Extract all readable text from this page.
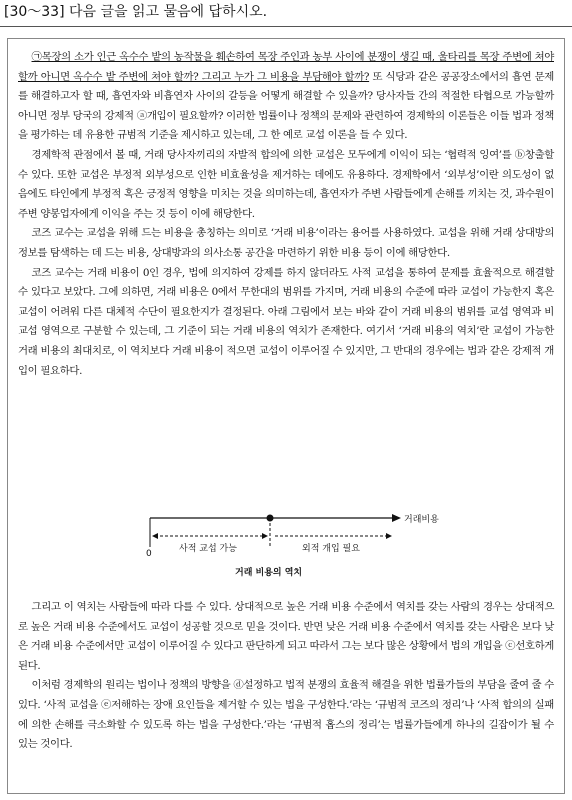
[30～33] 다음 글을 읽고 물음에 답하시오.

㉠목장의 소가 인근 옥수수 밭의 농작물을 훼손하여 목장 주인과 농부 사이에 분쟁이 생길 때, 울타리를 목장 주변에 쳐야 할까 아니면 옥수수 밭 주변에 쳐야 할까? 그리고 누가 그 비용을 부담해야 할까? 또 식당과 같은 공공장소에서의 흡연 문제를 해결하고자 할 때, 흡연자와 비흡연자 사이의 갈등을 어떻게 해결할 수 있을까? 당사자들 간의 적절한 타협으로 가능할까 아니면 정부 당국의 강제적 ⓐ개입이 필요할까? 이러한 법률이나 정책의 문제와 관련하여 경제학의 이론들은 이들 법과 정책을 평가하는 데 유용한 규범적 기준을 제시하고 있는데, 그 한 예로 교섭 이론을 들 수 있다.

경제학적 관점에서 볼 때, 거래 당사자끼리의 자발적 합의에 의한 교섭은 모두에게 이익이 되는 ‘협력적 잉여’를 ⓑ창출할 수 있다. 또한 교섭은 부정적 외부성으로 인한 비효율성을 제거하는 데에도 유용하다. 경제학에서 ‘외부성’이란 의도성이 없음에도 타인에게 부정적 혹은 긍정적 영향을 미치는 것을 의미하는데, 흡연자가 주변 사람들에게 손해를 끼치는 것, 과수원이 주변 양봉업자에게 이익을 주는 것 등이 이에 해당한다.

코즈 교수는 교섭을 위해 드는 비용을 총칭하는 의미로 ‘거래 비용’이라는 용어를 사용하였다. 교섭을 위해 거래 상대방의 정보를 탐색하는 데 드는 비용, 상대방과의 의사소통 공간을 마련하기 위한 비용 등이 이에 해당한다.

코즈 교수는 거래 비용이 0인 경우, 법에 의지하여 강제를 하지 않더라도 사적 교섭을 통하여 문제를 효율적으로 해결할 수 있다고 보았다. 그에 의하면, 거래 비용은 0에서 무한대의 범위를 가지며, 거래 비용의 수준에 따라 교섭이 가능한지 혹은 교섭이 어려워 다른 대체적 수단이 필요한지가 결정된다. 아래 그림에서 보는 바와 같이 거래 비용의 범위를 교섭 영역과 비교섭 영역으로 구분할 수 있는데, 그 기준이 되는 거래 비용의 역치가 존재한다. 여기서 ‘거래 비용의 역치’란 교섭이 가능한 거래 비용의 최대치로, 이 역치보다 거래 비용이 적으면 교섭이 이루어질 수 있지만, 그 반대의 경우에는 법과 같은 강제적 개입이 필요하다.

거래비용
0	사적 교섭 가능	외적 개입 필요
거래 비용의 역치

그리고 이 역치는 사람들에 따라 다를 수 있다. 상대적으로 높은 거래 비용 수준에서 역치를 갖는 사람의 경우는 상대적으로 높은 거래 비용 수준에서도 교섭이 성공할 것으로 믿을 것이다. 반면 낮은 거래 비용 수준에서 역치를 갖는 사람은 보다 낮은 거래 비용 수준에서만 교섭이 이루어질 수 있다고 판단하게 되고 따라서 그는 보다 많은 상황에서 법의 개입을 ⓒ선호하게 된다.

이처럼 경제학의 원리는 법이나 정책의 방향을 ⓓ설정하고 법적 분쟁의 효율적 해결을 위한 법률가들의 부담을 줄여 줄 수 있다. ‘사적 교섭을 ⓔ저해하는 장애 요인들을 제거할 수 있는 법을 구성한다.’라는 ‘규범적 코즈의 정리’나 ‘사적 합의의 실패에 의한 손해를 극소화할 수 있도록 하는 법을 구성한다.’라는 ‘규범적 홉스의 정리’는 법률가들에게 하나의 길잡이가 될 수 있는 것이다.
